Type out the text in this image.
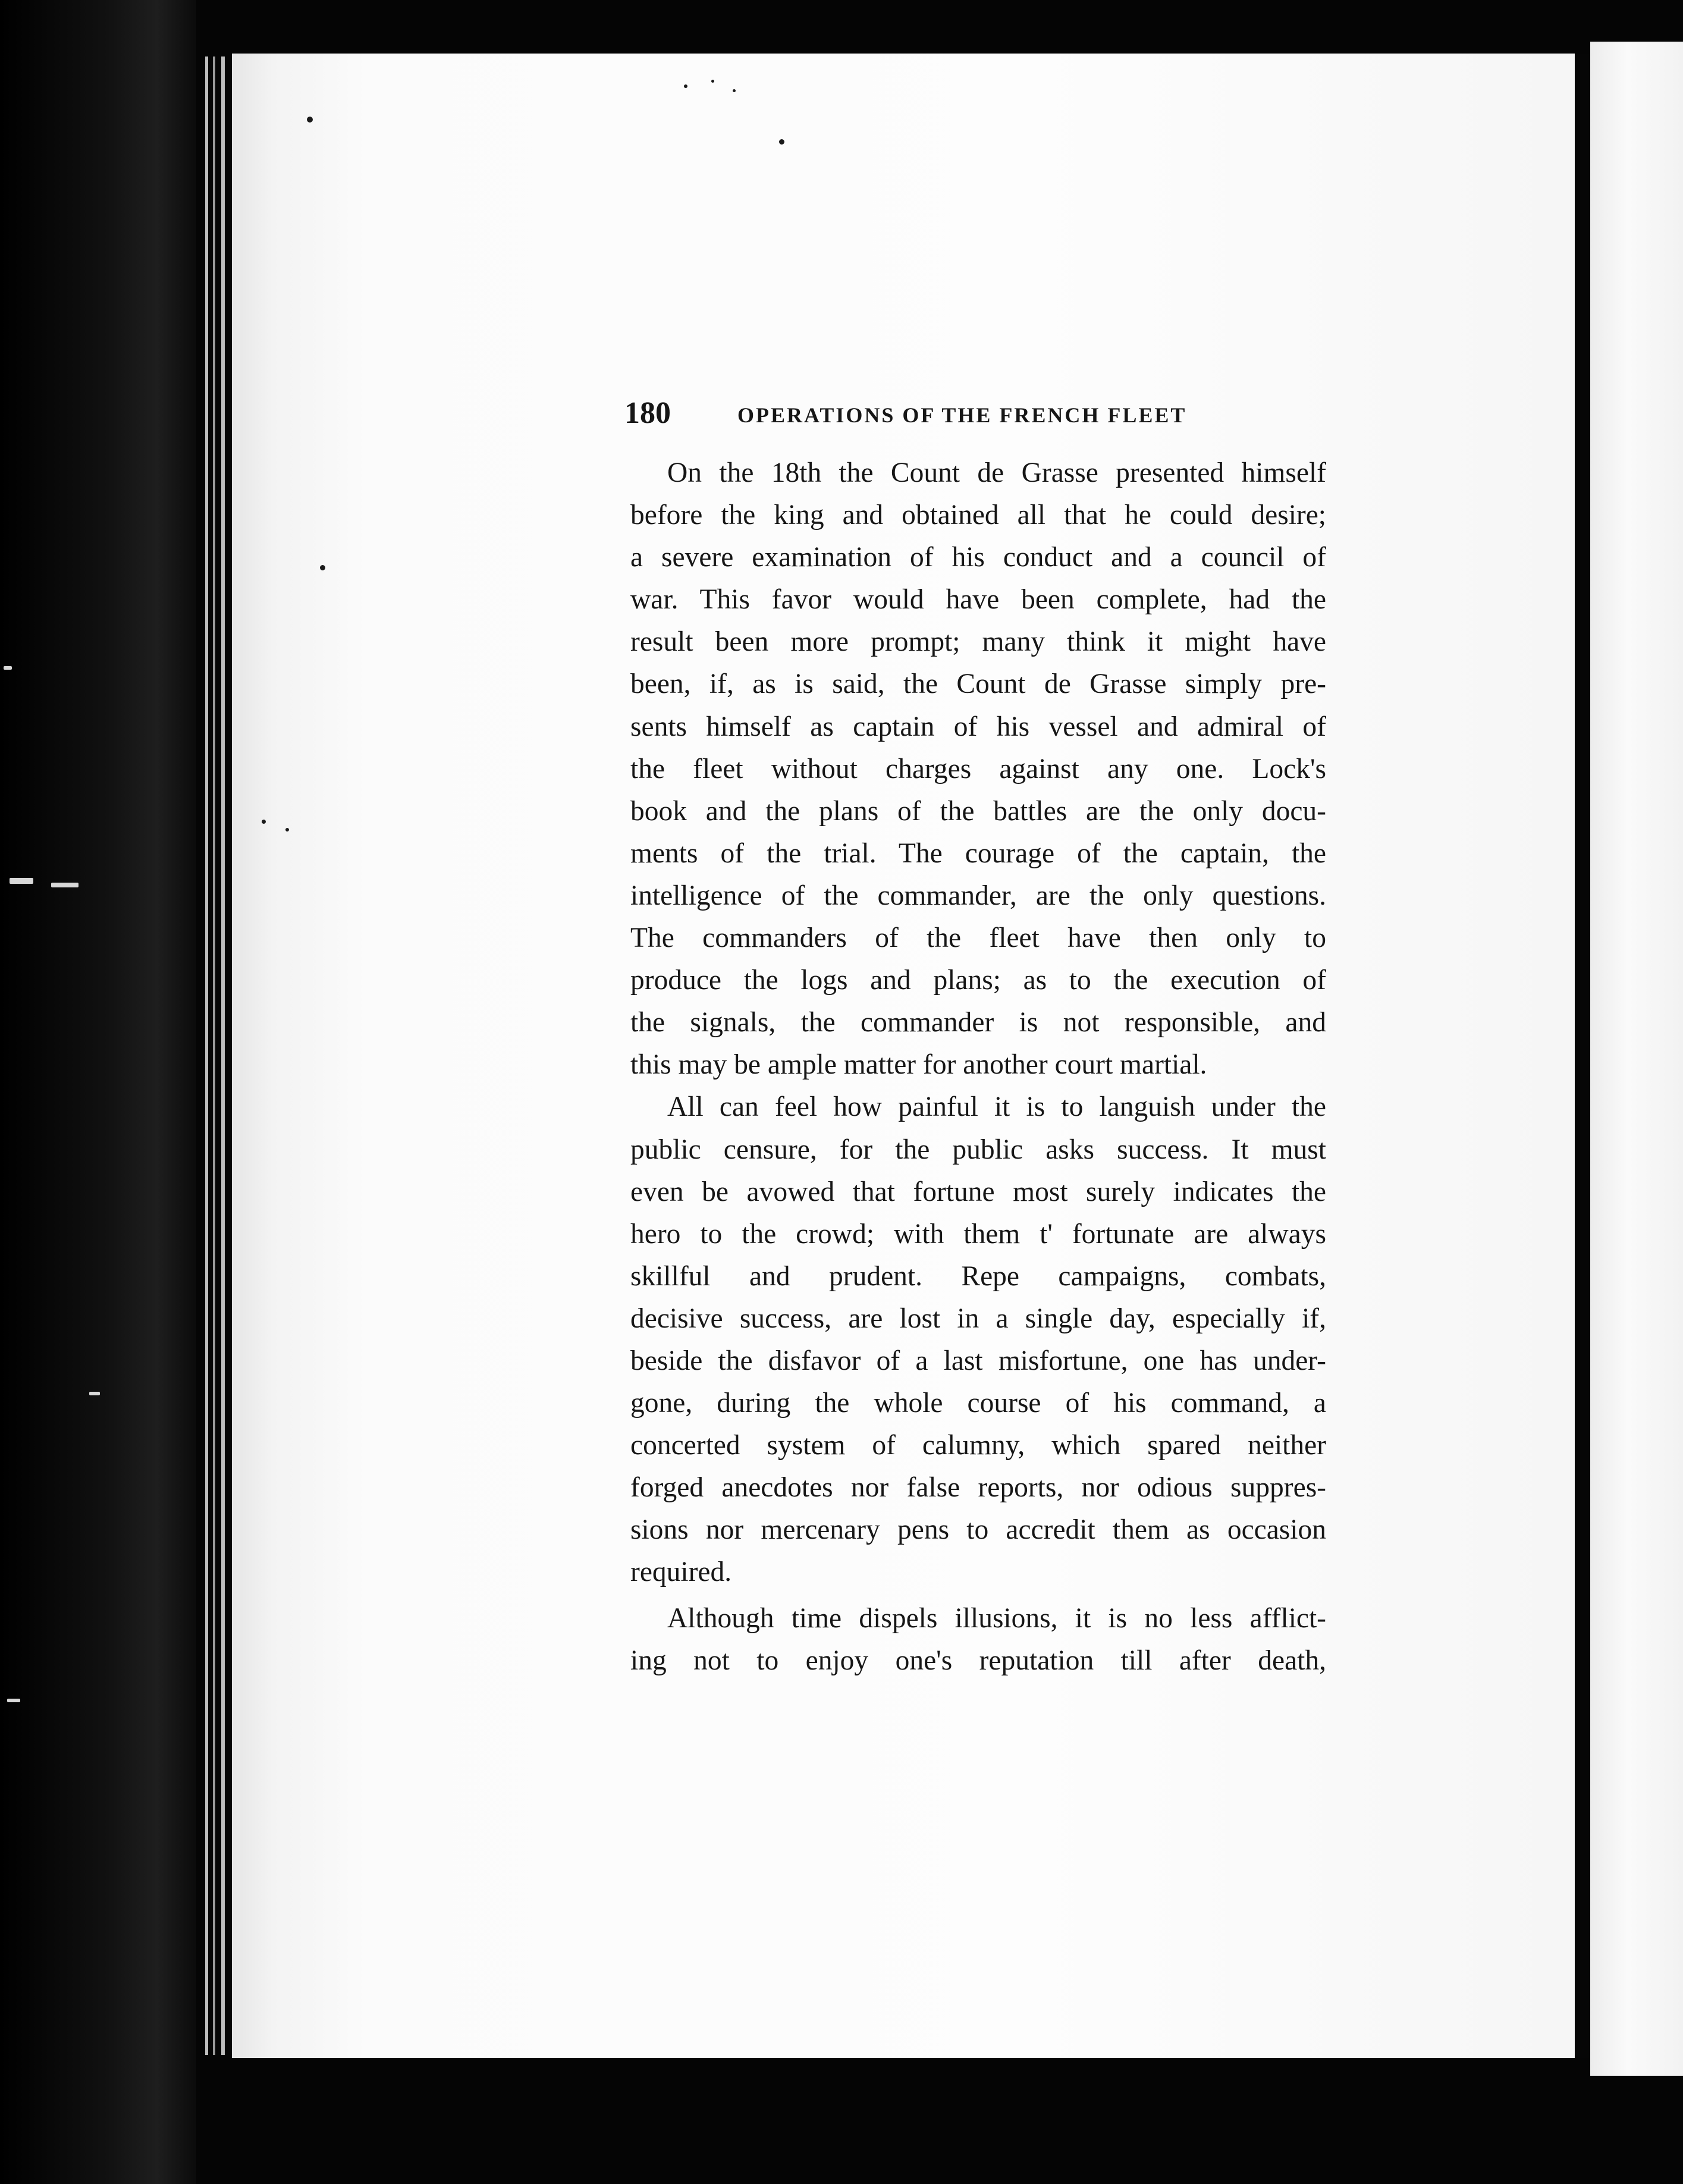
180	OPERATIONS OF THE FRENCH FLEET
On the 18th the Count de Grasse presented himself
before the king and obtained all that he could desire;
a severe examination of his conduct and a council of
war. This favor would have been complete, had the
result been more prompt; many think it might have
been, if, as is said, the Count de Grasse simply pre-
sents himself as captain of his vessel and admiral of
the fleet without charges against any one. Lock's
book and the plans of the battles are the only docu-
ments of the trial. The courage of the captain, the
intelligence of the commander, are the only questions.
The commanders of the fleet have then only to
produce the logs and plans; as to the execution of
the signals, the commander is not responsible, and
this may be ample matter for another court martial.
All can feel how painful it is to languish under the
public censure, for the public asks success. It must
even be avowed that fortune most surely indicates the
hero to the crowd; with them t' fortunate are always
skillful and prudent. Repe campaigns, combats,
decisive success, are lost in a single day, especially if,
beside the disfavor of a last misfortune, one has under-
gone, during the whole course of his command, a
concerted system of calumny, which spared neither
forged anecdotes nor false reports, nor odious suppres-
sions nor mercenary pens to accredit them as occasion
required.
Although time dispels illusions, it is no less afflict-
ing not to enjoy one's reputation till after death,
